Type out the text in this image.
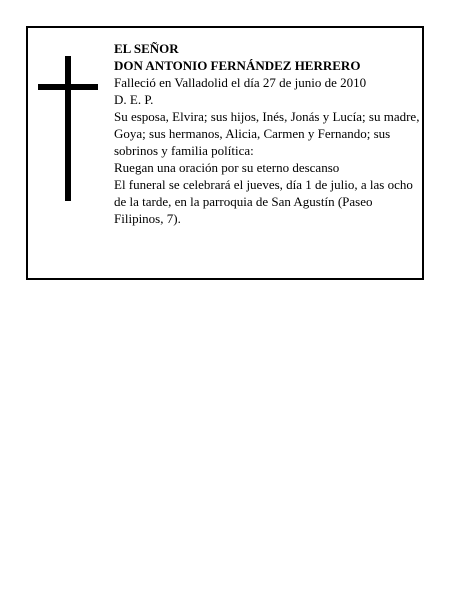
EL SEÑOR

DON ANTONIO FERNÁNDEZ HERRERO

Falleció en Valladolid el día 27 de junio de 2010

D. E. P.

Su esposa, Elvira; sus hijos, Inés, Jonás y Lucía; su madre, Goya; sus hermanos, Alicia, Carmen y Fernando; sus sobrinos y familia política:

Ruegan una oración por su eterno descanso

El funeral se celebrará el jueves, día 1 de julio, a las ocho de la tarde, en la parroquia de San Agustín (Paseo Filipinos, 7).
